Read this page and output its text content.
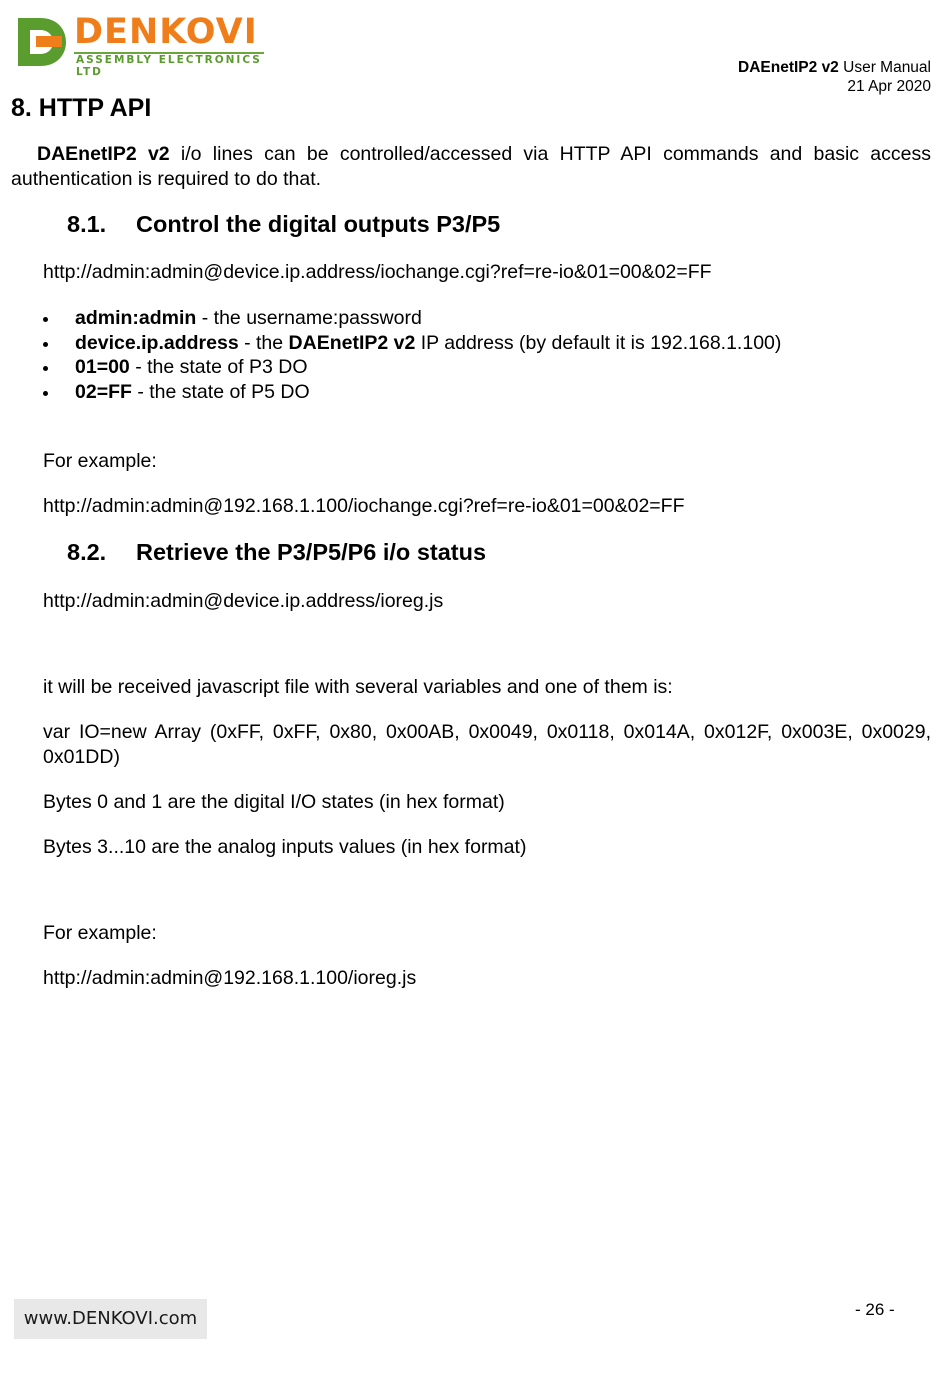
DENKOVI
ASSEMBLY ELECTRONICS LTD	DAEnetIP2 v2 User Manual
21 Apr 2020
8. HTTP API

DAEnetIP2 v2 i/o lines can be controlled/accessed via HTTP API commands and basic access authentication is required to do that.

8.1. Control the digital outputs P3/P5

http://admin:admin@device.ip.address/iochange.cgi?ref=re-io&01=00&02=FF

admin:admin - the username:password
device.ip.address - the DAEnetIP2 v2 IP address (by default it is 192.168.1.100)
01=00 - the state of P3 DO
02=FF - the state of P5 DO

For example:

http://admin:admin@192.168.1.100/iochange.cgi?ref=re-io&01=00&02=FF

8.2. Retrieve the P3/P5/P6 i/o status

http://admin:admin@device.ip.address/ioreg.js

it will be received javascript file with several variables and one of them is:

var IO=new Array (0xFF, 0xFF, 0x80, 0x00AB, 0x0049, 0x0118, 0x014A, 0x012F, 0x003E, 0x0029, 0x01DD)

Bytes 0 and 1 are the digital I/O states (in hex format)

Bytes 3...10 are the analog inputs values (in hex format)

For example:

http://admin:admin@192.168.1.100/ioreg.js

www.DENKOVI.com	- 26 -
